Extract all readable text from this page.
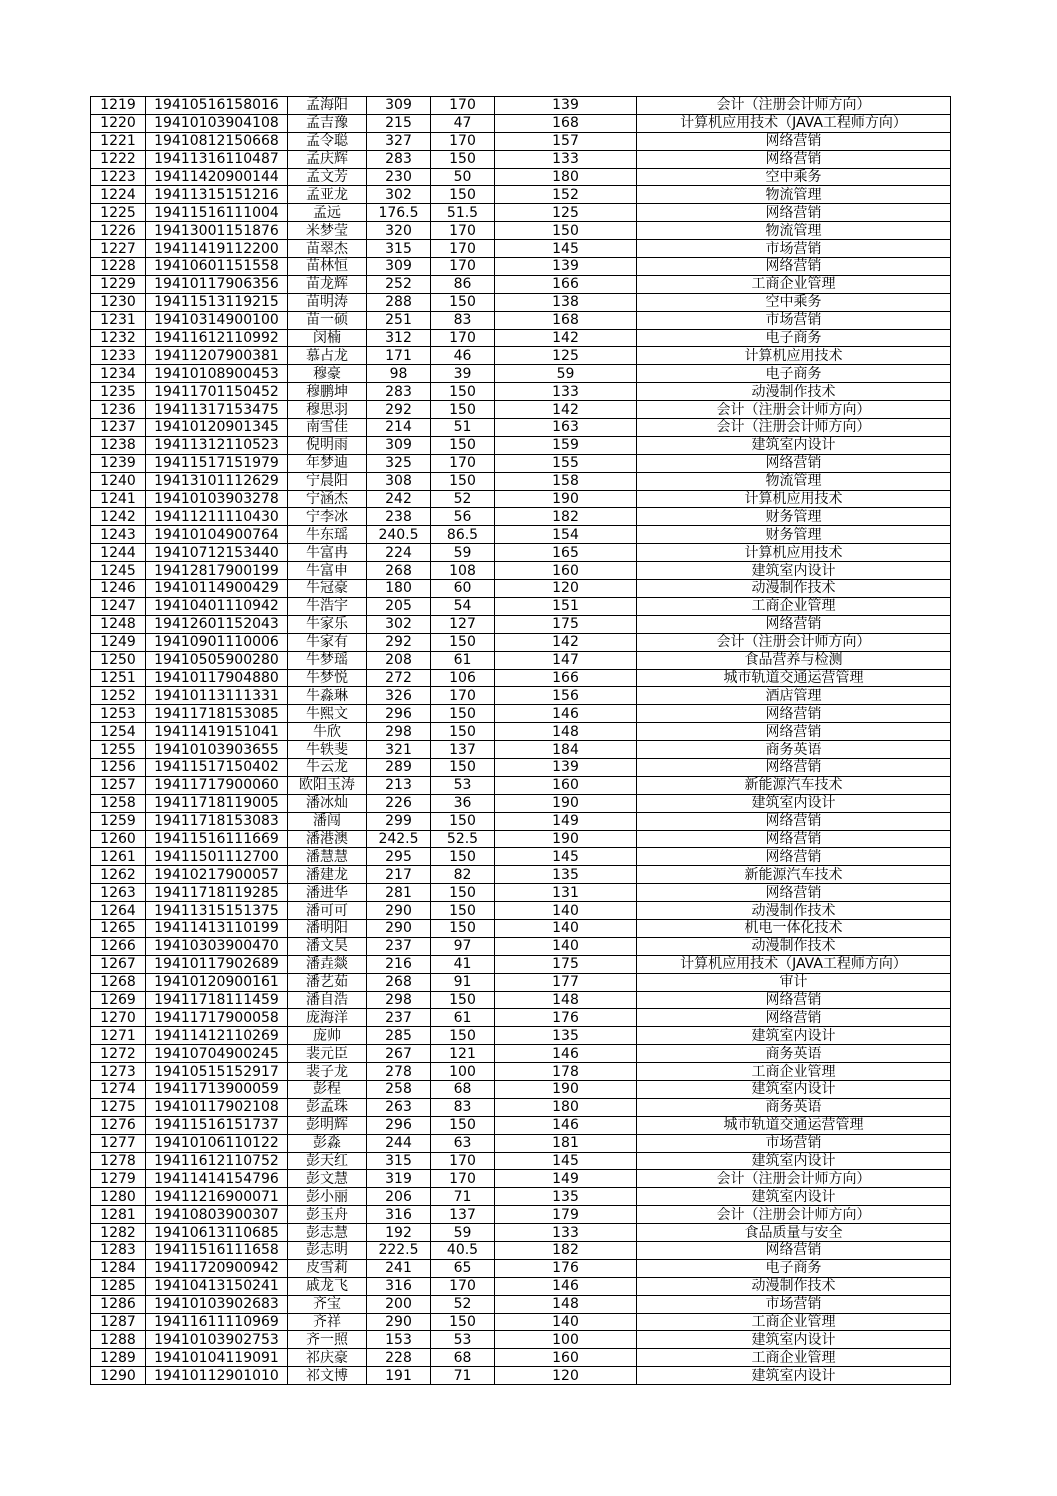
1219	19410516158016	孟海阳	309	170	139	会计（注册会计师方向）
1220	19410103904108	孟吉豫	215	47	168	计算机应用技术（JAVA工程师方向）
1221	19410812150668	孟令聪	327	170	157	网络营销
1222	19411316110487	孟庆辉	283	150	133	网络营销
1223	19411420900144	孟文芳	230	50	180	空中乘务
1224	19411315151216	孟亚龙	302	150	152	物流管理
1225	19411516111004	孟远	176.5	51.5	125	网络营销
1226	19413001151876	米梦莹	320	170	150	物流管理
1227	19411419112200	苗翠杰	315	170	145	市场营销
1228	19410601151558	苗林恒	309	170	139	网络营销
1229	19410117906356	苗龙辉	252	86	166	工商企业管理
1230	19411513119215	苗明涛	288	150	138	空中乘务
1231	19410314900100	苗一硕	251	83	168	市场营销
1232	19411612110992	闵楠	312	170	142	电子商务
1233	19411207900381	慕占龙	171	46	125	计算机应用技术
1234	19410108900453	穆豪	98	39	59	电子商务
1235	19411701150452	穆鹏坤	283	150	133	动漫制作技术
1236	19411317153475	穆思羽	292	150	142	会计（注册会计师方向）
1237	19410120901345	南雪佳	214	51	163	会计（注册会计师方向）
1238	19411312110523	倪明雨	309	150	159	建筑室内设计
1239	19411517151979	年梦迪	325	170	155	网络营销
1240	19413101112629	宁晨阳	308	150	158	物流管理
1241	19410103903278	宁涵杰	242	52	190	计算机应用技术
1242	19411211110430	宁李冰	238	56	182	财务管理
1243	19410104900764	牛东瑶	240.5	86.5	154	财务管理
1244	19410712153440	牛富冉	224	59	165	计算机应用技术
1245	19412817900199	牛富申	268	108	160	建筑室内设计
1246	19410114900429	牛冠豪	180	60	120	动漫制作技术
1247	19410401110942	牛浩宇	205	54	151	工商企业管理
1248	19412601152043	牛家乐	302	127	175	网络营销
1249	19410901110006	牛家有	292	150	142	会计（注册会计师方向）
1250	19410505900280	牛梦瑶	208	61	147	食品营养与检测
1251	19410117904880	牛梦悦	272	106	166	城市轨道交通运营管理
1252	19410113111331	牛淼琳	326	170	156	酒店管理
1253	19411718153085	牛熙文	296	150	146	网络营销
1254	19411419151041	牛欣	298	150	148	网络营销
1255	19410103903655	牛轶斐	321	137	184	商务英语
1256	19411517150402	牛云龙	289	150	139	网络营销
1257	19411717900060	欧阳玉涛	213	53	160	新能源汽车技术
1258	19411718119005	潘冰灿	226	36	190	建筑室内设计
1259	19411718153083	潘闯	299	150	149	网络营销
1260	19411516111669	潘港澳	242.5	52.5	190	网络营销
1261	19411501112700	潘慧慧	295	150	145	网络营销
1262	19410217900057	潘建龙	217	82	135	新能源汽车技术
1263	19411718119285	潘进华	281	150	131	网络营销
1264	19411315151375	潘可可	290	150	140	动漫制作技术
1265	19411413110199	潘明阳	290	150	140	机电一体化技术
1266	19410303900470	潘文昊	237	97	140	动漫制作技术
1267	19410117902689	潘垚燚	216	41	175	计算机应用技术（JAVA工程师方向）
1268	19410120900161	潘艺茹	268	91	177	审计
1269	19411718111459	潘自浩	298	150	148	网络营销
1270	19411717900058	庞海洋	237	61	176	网络营销
1271	19411412110269	庞帅	285	150	135	建筑室内设计
1272	19410704900245	裴元臣	267	121	146	商务英语
1273	19410515152917	裴子龙	278	100	178	工商企业管理
1274	19411713900059	彭程	258	68	190	建筑室内设计
1275	19410117902108	彭孟珠	263	83	180	商务英语
1276	19411516151737	彭明辉	296	150	146	城市轨道交通运营管理
1277	19410106110122	彭淼	244	63	181	市场营销
1278	19411612110752	彭天红	315	170	145	建筑室内设计
1279	19411414154796	彭文慧	319	170	149	会计（注册会计师方向）
1280	19411216900071	彭小丽	206	71	135	建筑室内设计
1281	19410803900307	彭玉舟	316	137	179	会计（注册会计师方向）
1282	19410613110685	彭志慧	192	59	133	食品质量与安全
1283	19411516111658	彭志明	222.5	40.5	182	网络营销
1284	19411720900942	皮雪莉	241	65	176	电子商务
1285	19410413150241	戚龙飞	316	170	146	动漫制作技术
1286	19410103902683	齐宝	200	52	148	市场营销
1287	19411611110969	齐祥	290	150	140	工商企业管理
1288	19410103902753	齐一照	153	53	100	建筑室内设计
1289	19410104119091	祁庆豪	228	68	160	工商企业管理
1290	19410112901010	祁文博	191	71	120	建筑室内设计
